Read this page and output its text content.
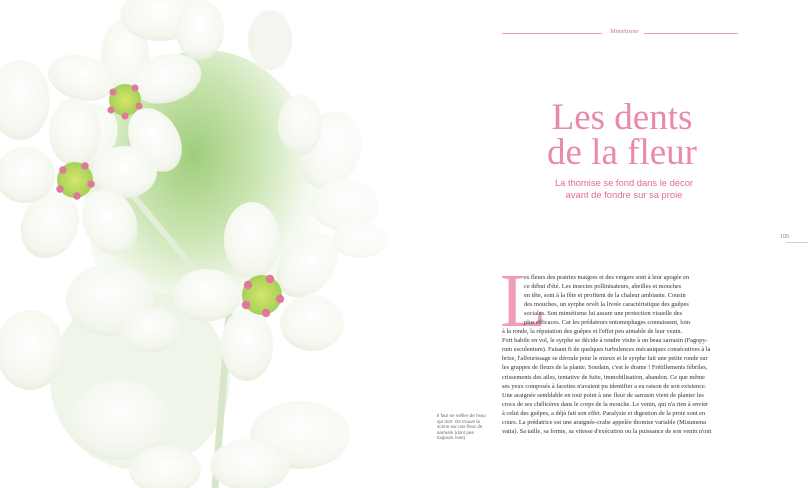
Il faut se méfier de l'eau qui dort. On trouve la scène sur une fleur de sarrasin (dont pas toujours rose).
Mimétisme
Les dents
de la fleur
La thomise se fond dans le décor
avant de fondre sur sa proie
105
L

es fleurs des prairies maigres et des vergers sont à leur apogée en

ce début d'été. Les insectes pollinisateurs, abeilles et mouches

en tête, sont à la fête et profitent de la chaleur ambiante. Cousin

des mouches, un syrphe revêt la livrée caractéristique des guêpes

sociales. Son mimétisme lui assure une protection visuelle des

plus efficaces. Car les prédateurs entomophages connaissent, loin

à la ronde, la réputation des guêpes et l'effet peu aimable de leur venin.

Fort habile en vol, le syrphe se décide à rendre visite à un beau sarrasin (Fagopy-

rum esculentum). Faisant fi de quelques turbulences mécaniques consécutives à la

brise, l'alfeurissage se déroule pour le mieux et le syrphe fait une petite ronde sur

les grappes de fleurs de la plante. Soudain, c'est le drame ! Frétillements fébriles,

crissements des ailes, tentative de fuite, immobilisation, abandon. Ce que même

ses yeux composés à facettes n'avaient pu identifier a eu raison de son existence.

Une araignée semblable en tout point à une fleur de sarrasin vient de planter les

crocs de ses chélicères dans le corps de la mouche. Le venin, qui n'a rien à envier

à celui des guêpes, a déjà fait son effet. Paralysie et digestion de la proie sont en

cours. La prédatrice est une araignée-crabe appelée thomise variable (Misumena

vatia). Sa taille, sa forme, sa vitesse d'exécution ou la puissance de son venin n'ont
